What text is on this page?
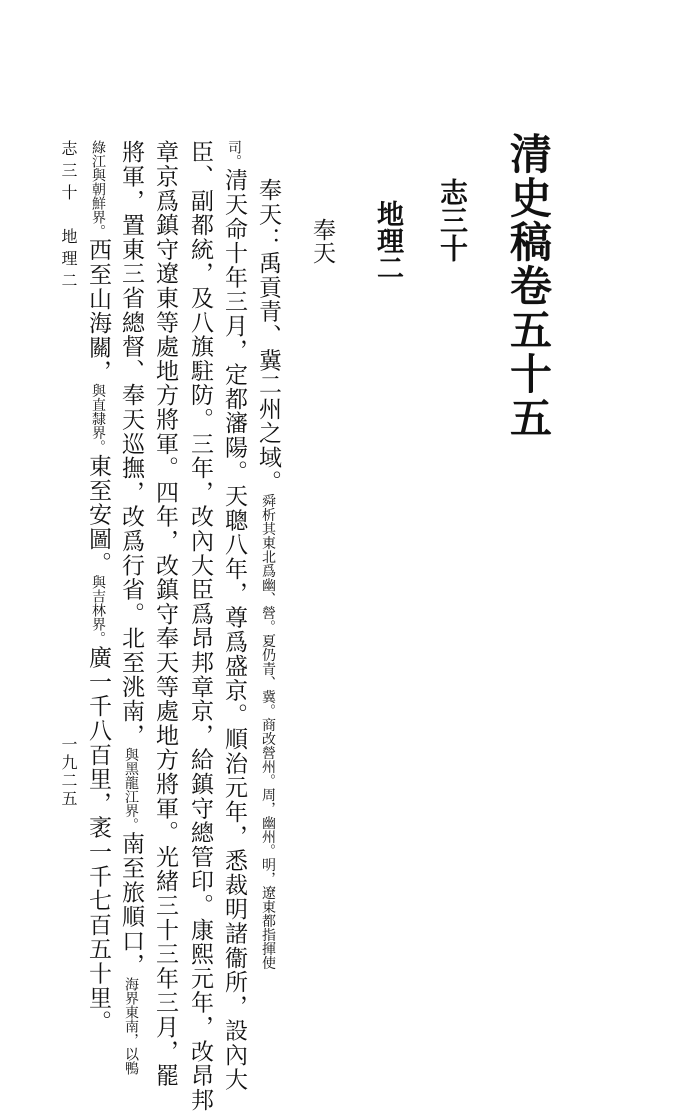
清史稿卷五十五
志三十
地理二
奉天
奉天：禹貢青、冀二州之域。舜析其東北爲幽、營。夏仍青、冀。商改營州。周，幽州。明，遼東都指揮使
司。清天命十年三月，定都瀋陽。天聰八年，尊爲盛京。順治元年，悉裁明諸衞所，設內大
臣、副都統，及八旗駐防。三年，改內大臣爲昂邦章京，給鎮守總管印。康熙元年，改昂邦
章京爲鎮守遼東等處地方將軍。四年，改鎮守奉天等處地方將軍。光緒三十三年三月，罷
將軍，置東三省總督、奉天巡撫，改爲行省。北至洮南，與黑龍江界。南至旅順口，海界東南，以鴨
綠江與朝鮮界。西至山海關，與直隸界。東至安圖。與吉林界。廣一千八百里，袤一千七百五十里。
志三十　地理二
一九二五
